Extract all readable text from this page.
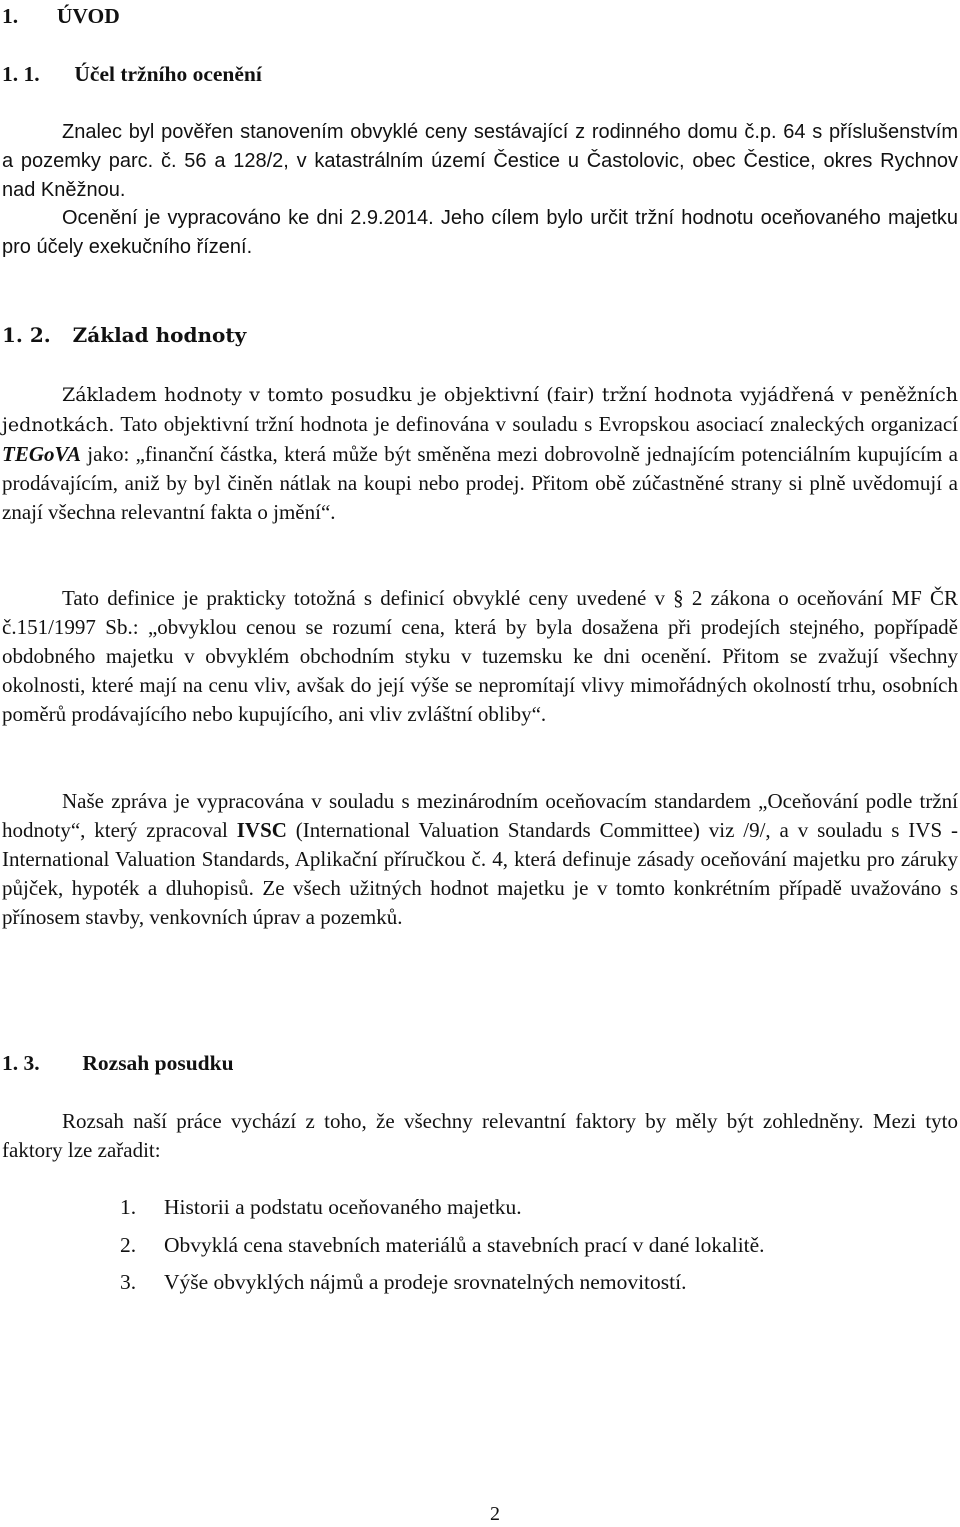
1. ÚVOD
1. 1. Účel tržního ocenění
Znalec byl pověřen stanovením obvyklé ceny sestávající z rodinného domu č.p. 64 s příslušenstvím a pozemky parc. č. 56 a 128/2, v katastrálním území Čestice u Častolovic, obec Čestice, okres Rychnov nad Kněžnou.
Ocenění je vypracováno ke dni 2.9.2014. Jeho cílem bylo určit tržní hodnotu oceňovaného majetku pro účely exekučního řízení.
1. 2. Základ hodnoty
Základem hodnoty v tomto posudku je objektivní (fair) tržní hodnota vyjádřená v peněžních jednotkách. Tato objektivní tržní hodnota je definována v souladu s Evropskou asociací znaleckých organizací TEGoVA jako: „finanční částka, která může být směněna mezi dobrovolně jednajícím potenciálním kupujícím a prodávajícím, aniž by byl činěn nátlak na koupi nebo prodej. Přitom obě zúčastněné strany si plně uvědomují a znají všechna relevantní fakta o jmění“.
Tato definice je prakticky totožná s definicí obvyklé ceny uvedené v § 2 zákona o oceňování MF ČR č.151/1997 Sb.: „obvyklou cenou se rozumí cena, která by byla dosažena při prodejích stejného, popřípadě obdobného majetku v obvyklém obchodním styku v tuzemsku ke dni ocenění. Přitom se zvažují všechny okolnosti, které mají na cenu vliv, avšak do její výše se nepromítají vlivy mimořádných okolností trhu, osobních poměrů prodávajícího nebo kupujícího, ani vliv zvláštní obliby“.
Naše zpráva je vypracována v souladu s mezinárodním oceňovacím standardem „Oceňování podle tržní hodnoty“, který zpracoval IVSC (International Valuation Standards Committee) viz /9/, a v souladu s IVS - International Valuation Standards, Aplikační příručkou č. 4, která definuje zásady oceňování majetku pro záruky půjček, hypoték a dluhopisů. Ze všech užitných hodnot majetku je v tomto konkrétním případě uvažováno s přínosem stavby, venkovních úprav a pozemků.
1. 3. Rozsah posudku
Rozsah naší práce vychází z toho, že všechny relevantní faktory by měly být zohledněny. Mezi tyto faktory lze zařadit:
1. Historii a podstatu oceňovaného majetku.
2. Obvyklá cena stavebních materiálů a stavebních prací v dané lokalitě.
3. Výše obvyklých nájmů a prodeje srovnatelných nemovitostí.
2
